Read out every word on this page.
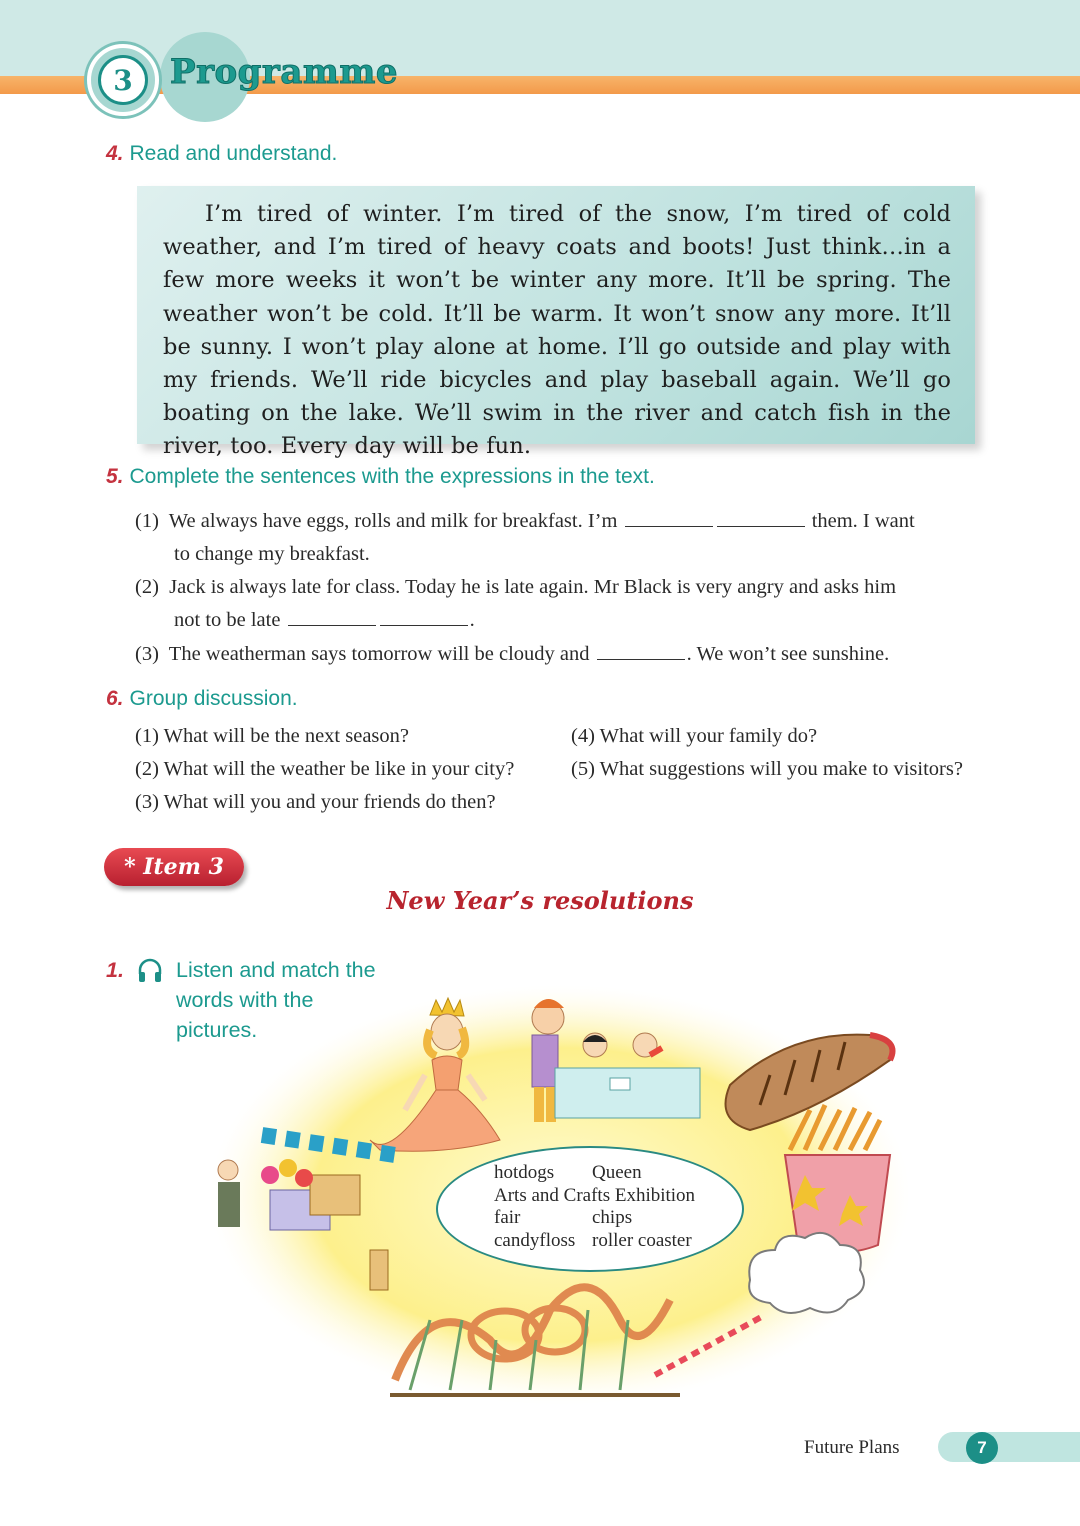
3	Programme
4. Read and understand.

I’m tired of winter. I’m tired of the snow, I’m tired of cold weather, and I’m tired of heavy coats and boots! Just think…in a few more weeks it won’t be winter any more. It’ll be spring. The weather won’t be cold. It’ll be warm. It won’t snow any more. It’ll be sunny. I won’t play alone at home. I’ll go outside and play with my friends. We’ll ride bicycles and play baseball again. We’ll go boating on the lake. We’ll swim in the river and catch fish in the river, too. Every day will be fun.

5. Complete the sentences with the expressions in the text.
(1) We always have eggs, rolls and milk for breakfast. I’m	them. I want
to change my breakfast.
(2) Jack is always late for class. Today he is late again. Mr Black is very angry and asks him
not to be late	.
(3) The weatherman says tomorrow will be cloudy and	. We won’t see sunshine.
6. Group discussion.
(1) What will be the next season?
(2) What will the weather be like in your city?
(3) What will you and your friends do then?
(4) What will your family do?
(5) What suggestions will you make to visitors?
* Item 3
New Year’s resolutions
1. Listen and match the words with the pictures.
hotdogs Queen
Arts and Crafts Exhibition
fair	chips
candyfloss roller coaster
Future Plans	7
